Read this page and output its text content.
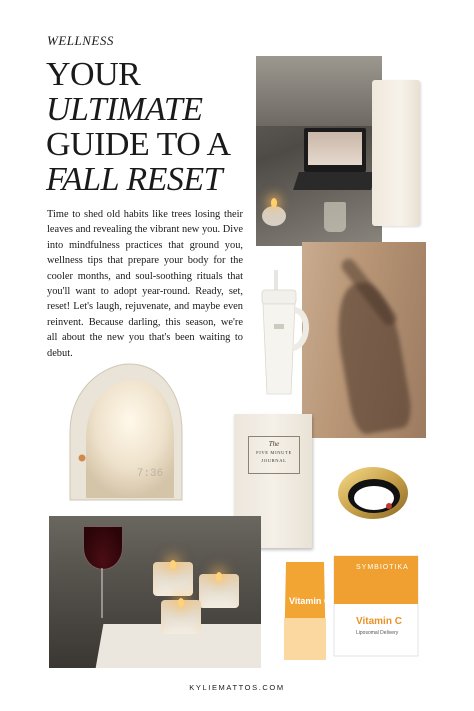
WELLNESS
YOUR
ULTIMATE
GUIDE TO A
FALL RESET
Time to shed old habits like trees losing their leaves and revealing the vibrant new you. Dive into mindfulness practices that ground you, wellness tips that prepare your body for the cooler months, and soul-soothing rituals that you'll want to adopt year-round. Ready, set, reset! Let's laugh, rejuvenate, and maybe even reinvent. Because darling, this season, we're all about the new you that's been waiting to debut.
7:36
The
FIVE MINUTE
JOURNAL
SYMBIOTIKA
Vitamin C
Liposomal Delivery
Vitamin C
KYLIEMATTOS.COM
